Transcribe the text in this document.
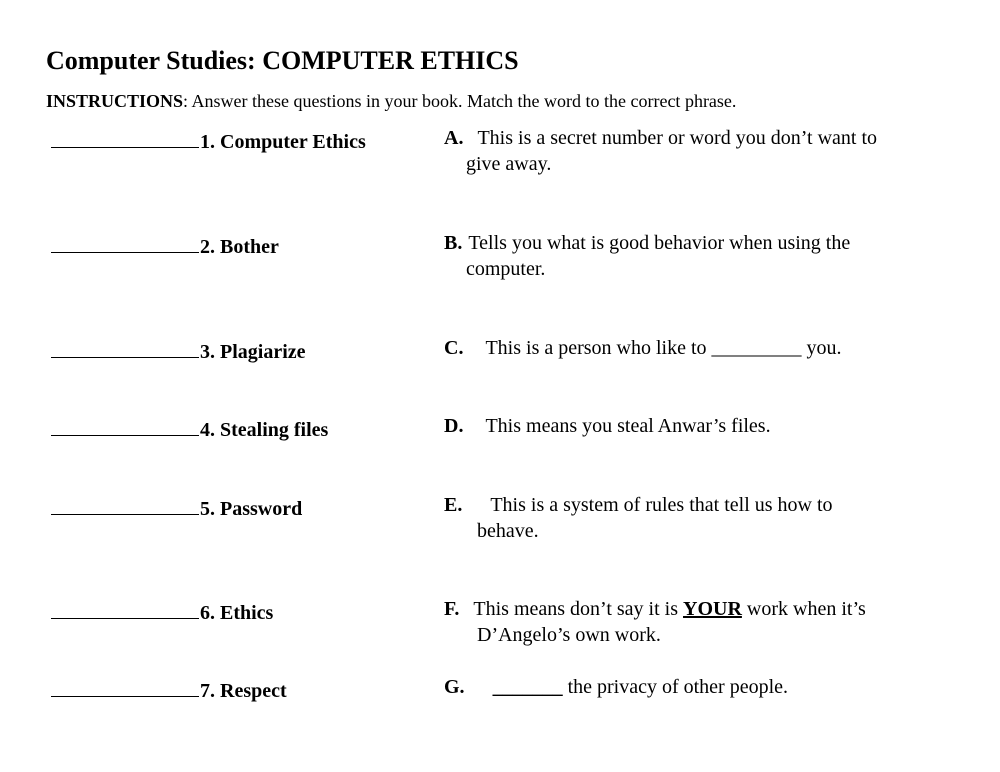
Computer Studies: COMPUTER ETHICS
INSTRUCTIONS: Answer these questions in your book. Match the word to the correct phrase.
1. Computer Ethics
2. Bother
3. Plagiarize
4. Stealing files
5. Password
6. Ethics
7. Respect
A. This is a secret number or word you don’t want to
give away.
B. Tells you what is good behavior when using the
computer.
C. This is a person who like to _________ you.
D. This means you steal Anwar’s files.
E. This is a system of rules that tell us how to
behave.
F. This means don’t say it is YOUR work when it’s
D’Angelo’s own work.
G. _______ the privacy of other people.
